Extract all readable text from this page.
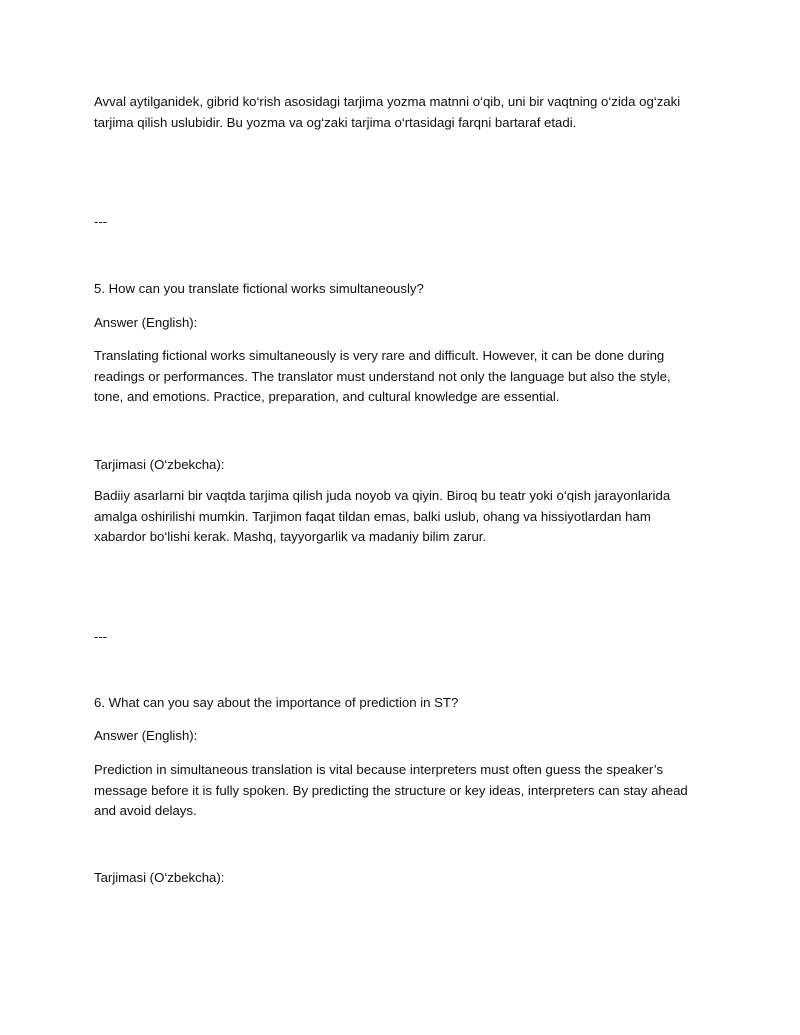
Avval aytilganidek, gibrid ko‘rish asosidagi tarjima yozma matnni o‘qib, uni bir vaqtning o‘zida og‘zaki tarjima qilish uslubidir. Bu yozma va og‘zaki tarjima o‘rtasidagi farqni bartaraf etadi.

---

5. How can you translate fictional works simultaneously?

Answer (English):

Translating fictional works simultaneously is very rare and difficult. However, it can be done during readings or performances. The translator must understand not only the language but also the style, tone, and emotions. Practice, preparation, and cultural knowledge are essential.

Tarjimasi (O‘zbekcha):

Badiiy asarlarni bir vaqtda tarjima qilish juda noyob va qiyin. Biroq bu teatr yoki o‘qish jarayonlarida amalga oshirilishi mumkin. Tarjimon faqat tildan emas, balki uslub, ohang va hissiyotlardan ham xabardor bo‘lishi kerak. Mashq, tayyorgarlik va madaniy bilim zarur.

---

6. What can you say about the importance of prediction in ST?

Answer (English):

Prediction in simultaneous translation is vital because interpreters must often guess the speaker’s message before it is fully spoken. By predicting the structure or key ideas, interpreters can stay ahead and avoid delays.

Tarjimasi (O‘zbekcha):
